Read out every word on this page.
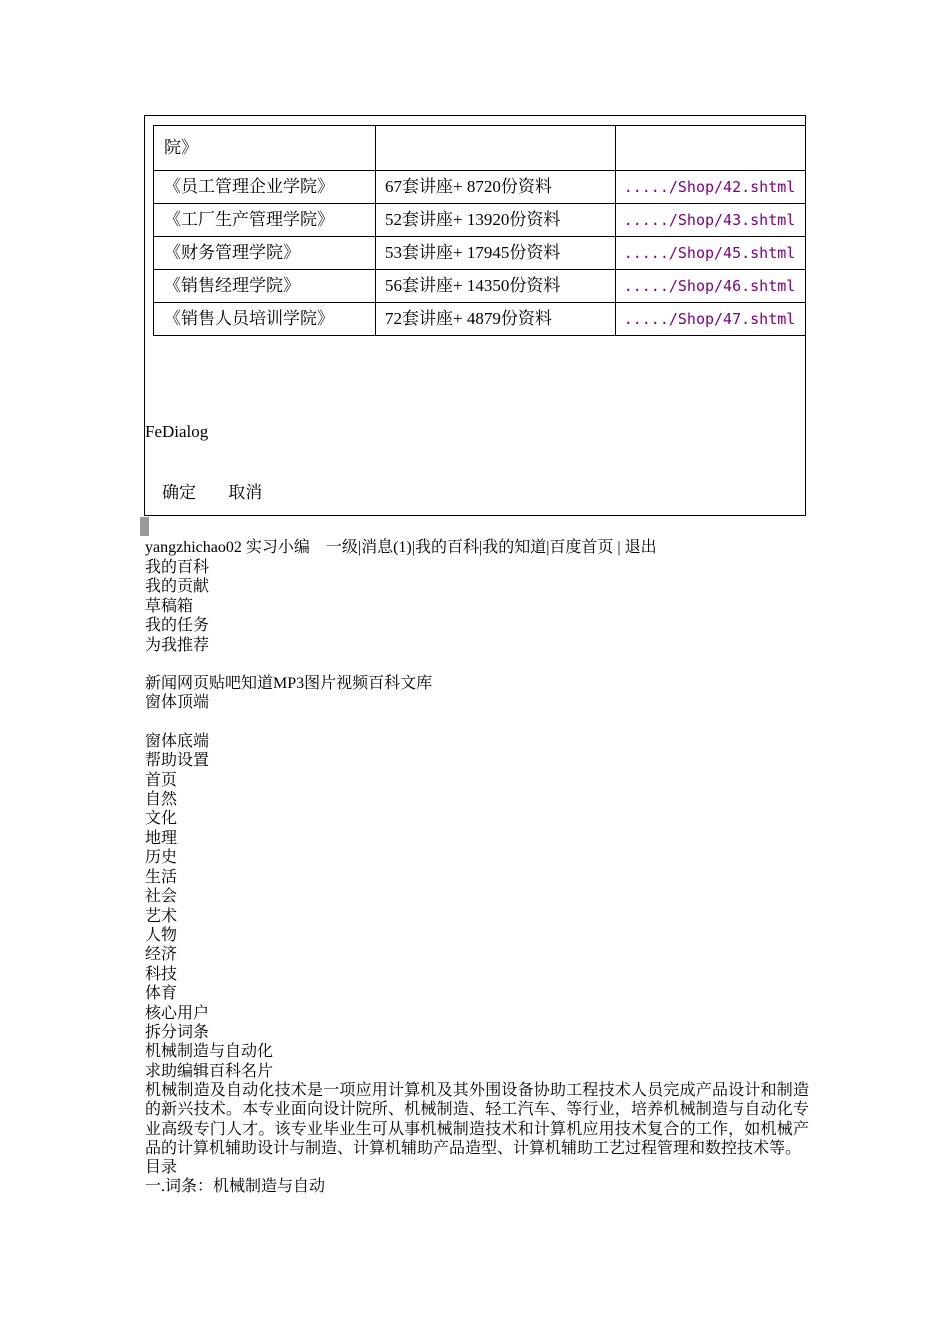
院》		
《员工管理企业学院》	67套讲座+ 8720份资料	...../Shop/42.shtml
《工厂生产管理学院》	52套讲座+ 13920份资料	...../Shop/43.shtml
《财务管理学院》	53套讲座+ 17945份资料	...../Shop/45.shtml
《销售经理学院》	56套讲座+ 14350份资料	...../Shop/46.shtml
《销售人员培训学院》	72套讲座+ 4879份资料	...../Shop/47.shtml
FeDialog
确定 取消
yangzhichao02 实习小编 一级|消息(1)|我的百科|我的知道|百度首页 | 退出
我的百科
我的贡献
草稿箱
我的任务
为我推荐
新闻网页贴吧知道MP3图片视频百科文库
窗体顶端
窗体底端
帮助设置
首页
自然
文化
地理
历史
生活
社会
艺术
人物
经济
科技
体育
核心用户
拆分词条
机械制造与自动化
求助编辑百科名片
机械制造及自动化技术是一项应用计算机及其外围设备协助工程技术人员完成产品设计和制造的新兴技术。本专业面向设计院所、机械制造、轻工汽车、等行业，培养机械制造与自动化专业高级专门人才。该专业毕业生可从事机械制造技术和计算机应用技术复合的工作，如机械产品的计算机辅助设计与制造、计算机辅助产品造型、计算机辅助工艺过程管理和数控技术等。
目录
一.词条：机械制造与自动
